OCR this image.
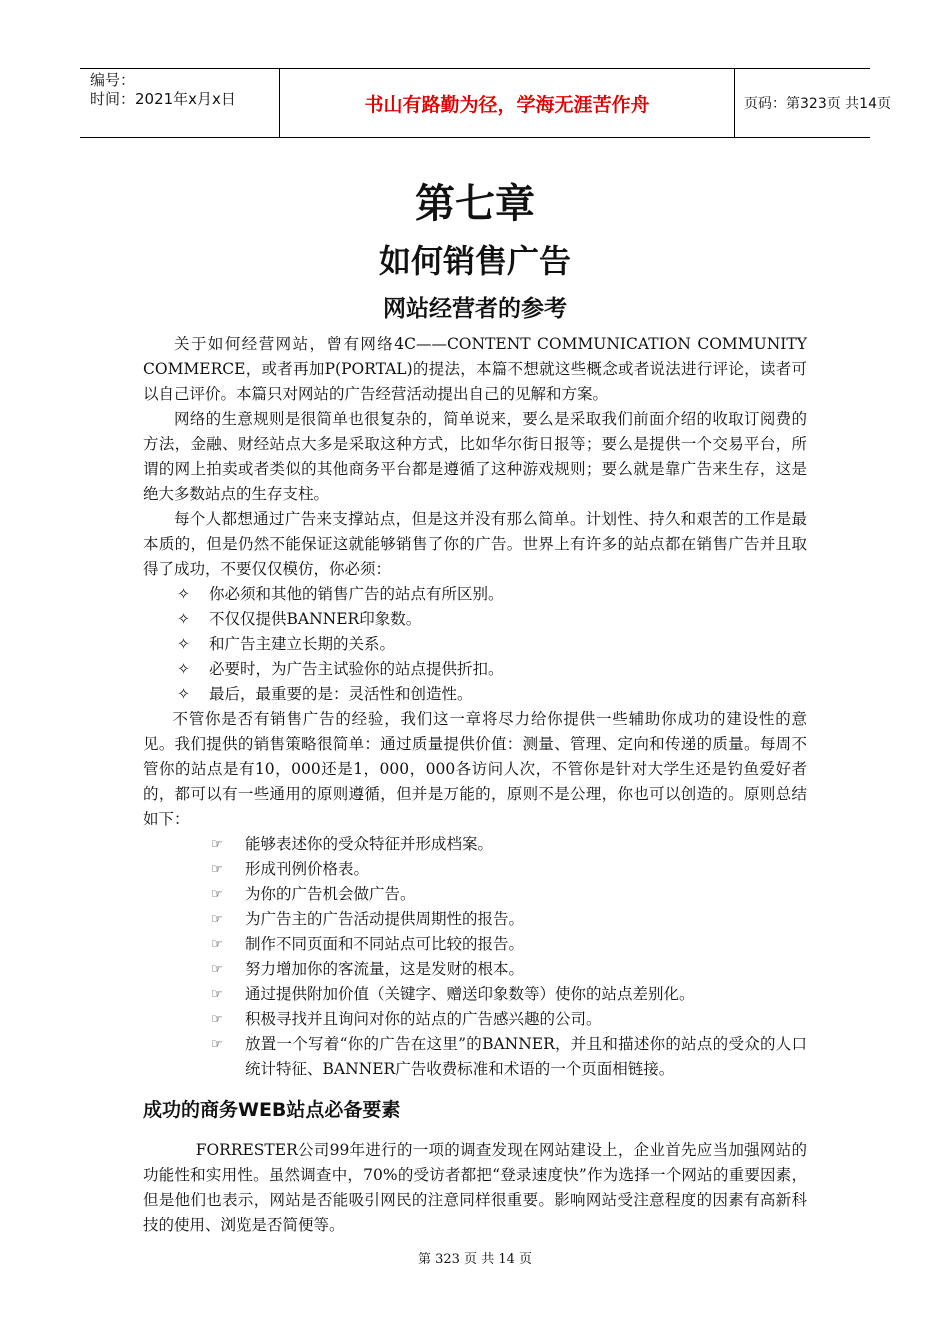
编号：
时间：2021年x月x日	书山有路勤为径，学海无涯苦作舟	页码：第323页 共14页
第七章
如何销售广告
网站经营者的参考

关于如何经营网站，曾有网络4C——CONTENT COMMUNICATION COMMUNITY COMMERCE，或者再加P(PORTAL)的提法，本篇不想就这些概念或者说法进行评论，读者可以自己评价。本篇只对网站的广告经营活动提出自己的见解和方案。

网络的生意规则是很简单也很复杂的，简单说来，要么是采取我们前面介绍的收取订阅费的方法，金融、财经站点大多是采取这种方式，比如华尔街日报等；要么是提供一个交易平台，所谓的网上拍卖或者类似的其他商务平台都是遵循了这种游戏规则；要么就是靠广告来生存，这是绝大多数站点的生存支柱。

每个人都想通过广告来支撑站点，但是这并没有那么简单。计划性、持久和艰苦的工作是最本质的，但是仍然不能保证这就能够销售了你的广告。世界上有许多的站点都在销售广告并且取得了成功，不要仅仅模仿，你必须：

✧ 你必须和其他的销售广告的站点有所区别。

✧ 不仅仅提供BANNER印象数。

✧ 和广告主建立长期的关系。

✧ 必要时，为广告主试验你的站点提供折扣。

✧ 最后，最重要的是：灵活性和创造性。

不管你是否有销售广告的经验，我们这一章将尽力给你提供一些辅助你成功的建设性的意见。我们提供的销售策略很简单：通过质量提供价值：测量、管理、定向和传递的质量。每周不管你的站点是有10，000还是1，000，000各访问人次，不管你是针对大学生还是钓鱼爱好者的，都可以有一些通用的原则遵循，但并是万能的，原则不是公理，你也可以创造的。原则总结如下：

☞ 能够表述你的受众特征并形成档案。

☞ 形成刊例价格表。

☞ 为你的广告机会做广告。

☞ 为广告主的广告活动提供周期性的报告。

☞ 制作不同页面和不同站点可比较的报告。

☞ 努力增加你的客流量，这是发财的根本。

☞ 通过提供附加价值（关键字、赠送印象数等）使你的站点差别化。

☞ 积极寻找并且询问对你的站点的广告感兴趣的公司。

☞ 放置一个写着“你的广告在这里”的BANNER，并且和描述你的站点的受众的人口统计特征、BANNER广告收费标准和术语的一个页面相链接。

成功的商务WEB站点必备要素

FORRESTER公司99年进行的一项的调查发现在网站建设上，企业首先应当加强网站的功能性和实用性。虽然调查中，70%的受访者都把“登录速度快”作为选择一个网站的重要因素，但是他们也表示，网站是否能吸引网民的注意同样很重要。影响网站受注意程度的因素有高新科技的使用、浏览是否简便等。

第 323 页 共 14 页
